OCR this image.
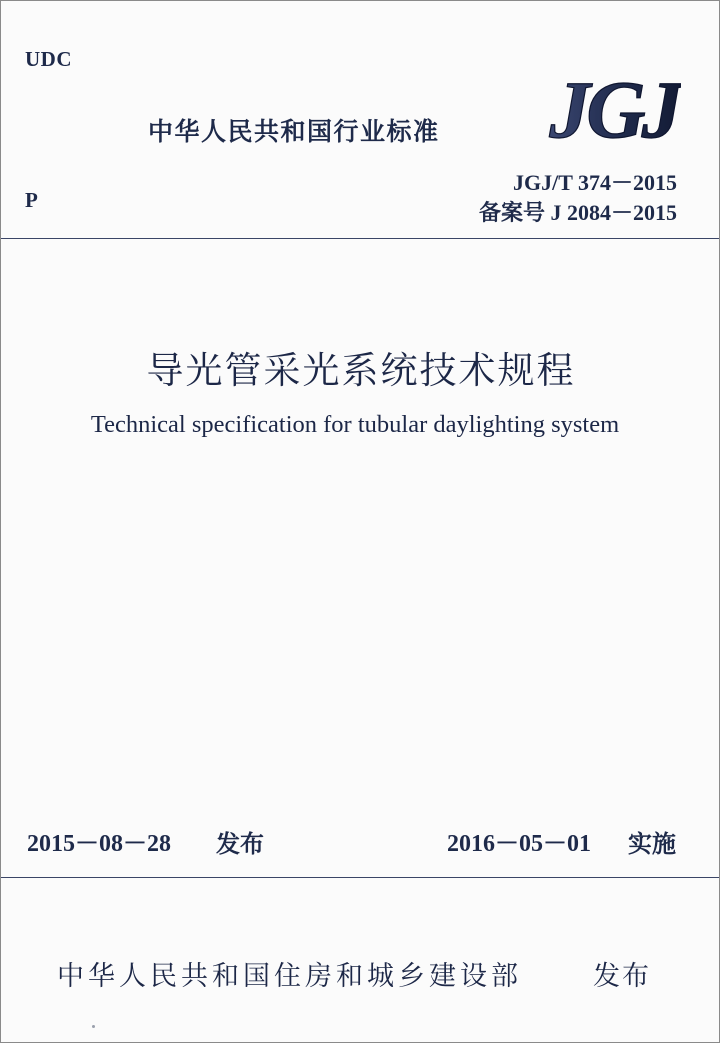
UDC
中华人民共和国行业标准 JGJ
P
JGJ/T 374－2015
备案号 J 2084－2015
导光管采光系统技术规程
Technical specification for tubular daylighting system
2015－08－28 发布	2016－05－01 实施
中华人民共和国住房和城乡建设部	发布
